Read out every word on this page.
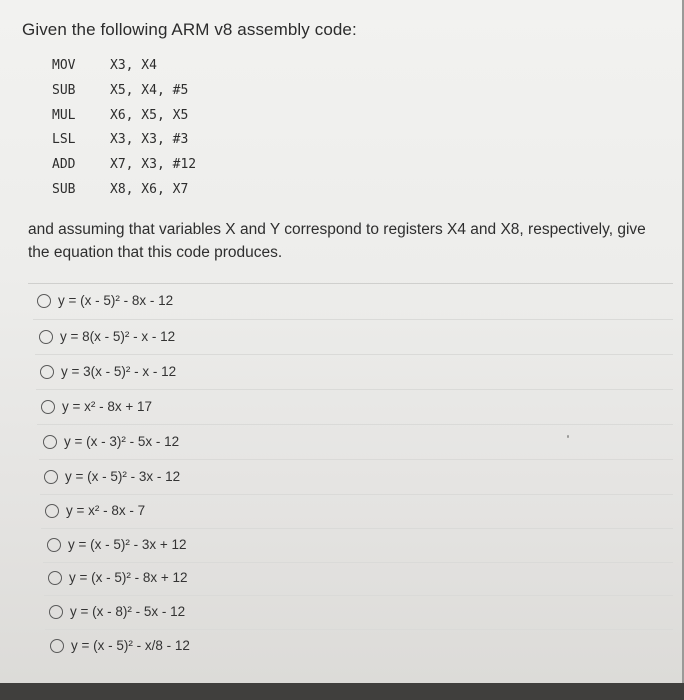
Given the following ARM v8 assembly code:
MOV	X3, X4
SUB	X5, X4, #5
MUL	X6, X5, X5
LSL	X3, X3, #3
ADD	X7, X3, #12
SUB	X8, X6, X7
and assuming that variables X and Y correspond to registers X4 and X8, respectively, give the equation that this code produces.
y = (x - 5)² - 8x - 12
y = 8(x - 5)² - x - 12
y = 3(x - 5)² - x - 12
y = x² - 8x + 17
y = (x - 3)² - 5x - 12
y = (x - 5)² - 3x - 12
y = x² - 8x - 7
y = (x - 5)² - 3x + 12
y = (x - 5)² - 8x + 12
y = (x - 8)² - 5x - 12
y = (x - 5)² - x/8 - 12
